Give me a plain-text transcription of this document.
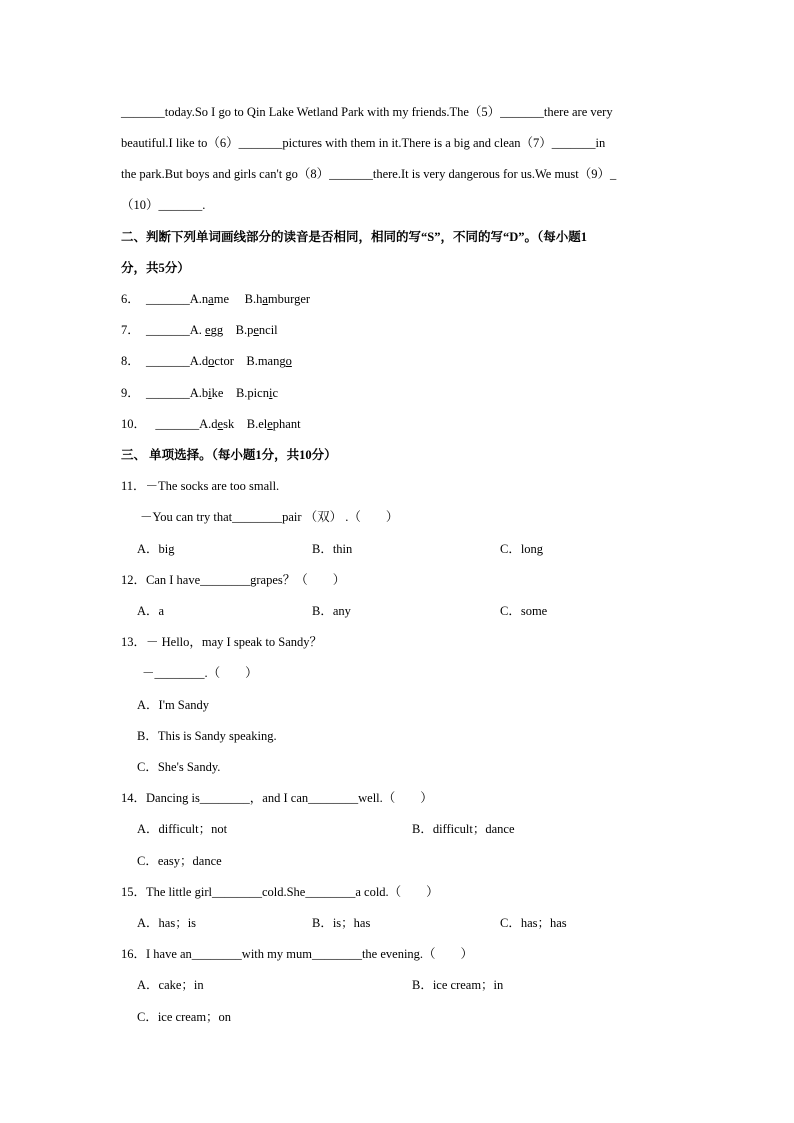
_______today.So I go to Qin Lake Wetland Park with my friends.The（5）_______there are very
beautiful.I like to（6）_______pictures with them in it.There is a big and clean（7）_______in
the park.But boys and girls can't go（8）_______there.It is very dangerous for us.We must（9）_
（10）_______.
二、判断下列单词画线部分的读音是否相同，相同的写“S”，不同的写“D”。（每小题1
分，共5分）
6． _______A.name B.hamburger
7． _______A. egg B.pencil
8． _______A.doctor B.mango
9． _______A.bike B.picnic
10． _______A.desk B.elephant
三、 单项选择。（每小题1分，共10分）
11．－The socks are too small.
－You can try that________pair （双） .（　　）
A．big	B．thin	C．long
12．Can I have________grapes？（　　）
A．a	B．any	C．some
13．－ Hello，may I speak to Sandy？
－________.（　　）
A．I'm Sandy
B．This is Sandy speaking.
C．She's Sandy.
14．Dancing is________，and I can________well.（　　）
A．difficult；not	B．difficult；dance
C．easy；dance
15．The little girl________cold.She________a cold.（　　）
A．has；is	B．is；has	C．has；has
16．I have an________with my mum________the evening.（　　）
A．cake；in	B．ice cream；in
C．ice cream；on
